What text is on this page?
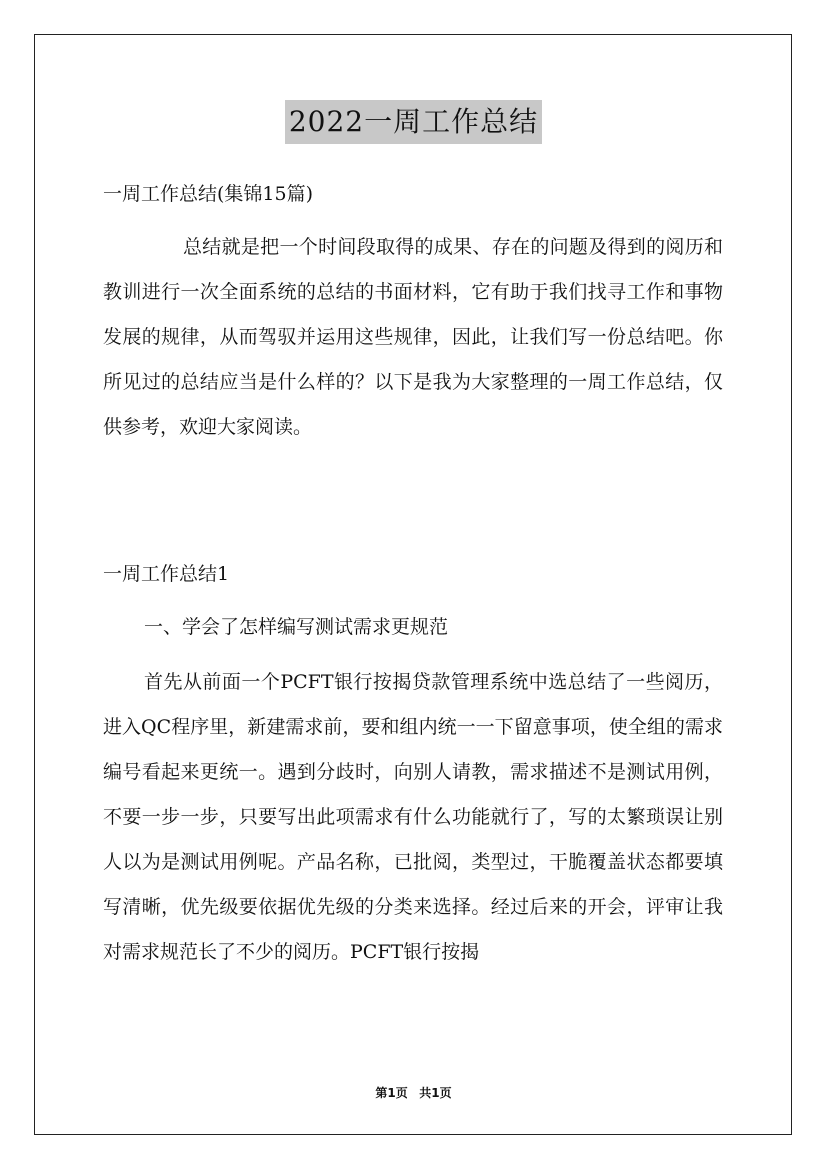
2022一周工作总结
一周工作总结(集锦15篇)

总结就是把一个时间段取得的成果、存在的问题及得到的阅历和教训进行一次全面系统的总结的书面材料，它有助于我们找寻工作和事物发展的规律，从而驾驭并运用这些规律，因此，让我们写一份总结吧。你所见过的总结应当是什么样的？以下是我为大家整理的一周工作总结，仅供参考，欢迎大家阅读。

一周工作总结1
一、学会了怎样编写测试需求更规范

首先从前面一个PCFT银行按揭贷款管理系统中选总结了一些阅历，进入QC程序里，新建需求前，要和组内统一一下留意事项，使全组的需求编号看起来更统一。遇到分歧时，向别人请教，需求描述不是测试用例，不要一步一步，只要写出此项需求有什么功能就行了，写的太繁琐误让别人以为是测试用例呢。产品名称，已批阅，类型过，干脆覆盖状态都要填写清晰，优先级要依据优先级的分类来选择。经过后来的开会，评审让我对需求规范长了不少的阅历。PCFT银行按揭

第1页 共1页
